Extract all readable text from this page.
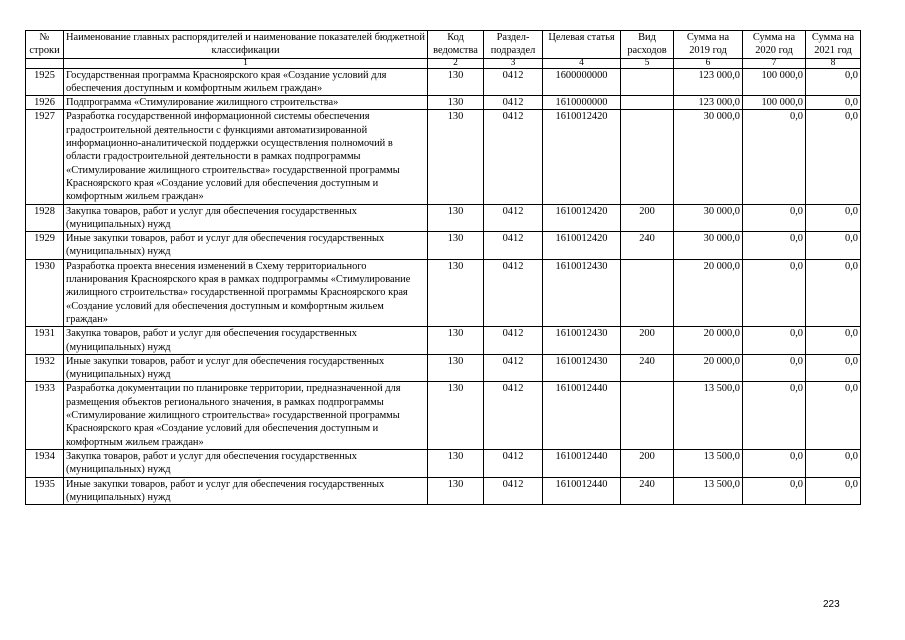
№ строки	Наименование главных распорядителей и наименование показателей бюджетной классификации	Код ведомства	Раздел-подраздел	Целевая статья	Вид расходов	Сумма на 2019 год	Сумма на 2020 год	Сумма на 2021 год
	1	2	3	4	5	6	7	8
1925	Государственная программа Красноярского края «Создание условий для обеспечения доступным и комфортным жильем граждан»	130	0412	1600000000		123 000,0	100 000,0	0,0
1926	Подпрограмма «Стимулирование жилищного строительства»	130	0412	1610000000		123 000,0	100 000,0	0,0
1927	Разработка государственной информационной системы обеспечения градостроительной деятельности с функциями автоматизированной информационно-аналитической поддержки осуществления полномочий в области градостроительной деятельности в рамках подпрограммы «Стимулирование жилищного строительства» государственной программы Красноярского края «Создание условий для обеспечения доступным и комфортным жильем граждан»	130	0412	1610012420		30 000,0	0,0	0,0
1928	Закупка товаров, работ и услуг для обеспечения государственных (муниципальных) нужд	130	0412	1610012420	200	30 000,0	0,0	0,0
1929	Иные закупки товаров, работ и услуг для обеспечения государственных (муниципальных) нужд	130	0412	1610012420	240	30 000,0	0,0	0,0
1930	Разработка проекта внесения изменений в Схему территориального планирования Красноярского края в рамках подпрограммы «Стимулирование жилищного строительства» государственной программы Красноярского края «Создание условий для обеспечения доступным и комфортным жильем граждан»	130	0412	1610012430		20 000,0	0,0	0,0
1931	Закупка товаров, работ и услуг для обеспечения государственных (муниципальных) нужд	130	0412	1610012430	200	20 000,0	0,0	0,0
1932	Иные закупки товаров, работ и услуг для обеспечения государственных (муниципальных) нужд	130	0412	1610012430	240	20 000,0	0,0	0,0
1933	Разработка документации по планировке территории, предназначенной для размещения объектов регионального значения, в рамках подпрограммы «Стимулирование жилищного строительства» государственной программы Красноярского края «Создание условий для обеспечения доступным и комфортным жильем граждан»	130	0412	1610012440		13 500,0	0,0	0,0
1934	Закупка товаров, работ и услуг для обеспечения государственных (муниципальных) нужд	130	0412	1610012440	200	13 500,0	0,0	0,0
1935	Иные закупки товаров, работ и услуг для обеспечения государственных (муниципальных) нужд	130	0412	1610012440	240	13 500,0	0,0	0,0
223
